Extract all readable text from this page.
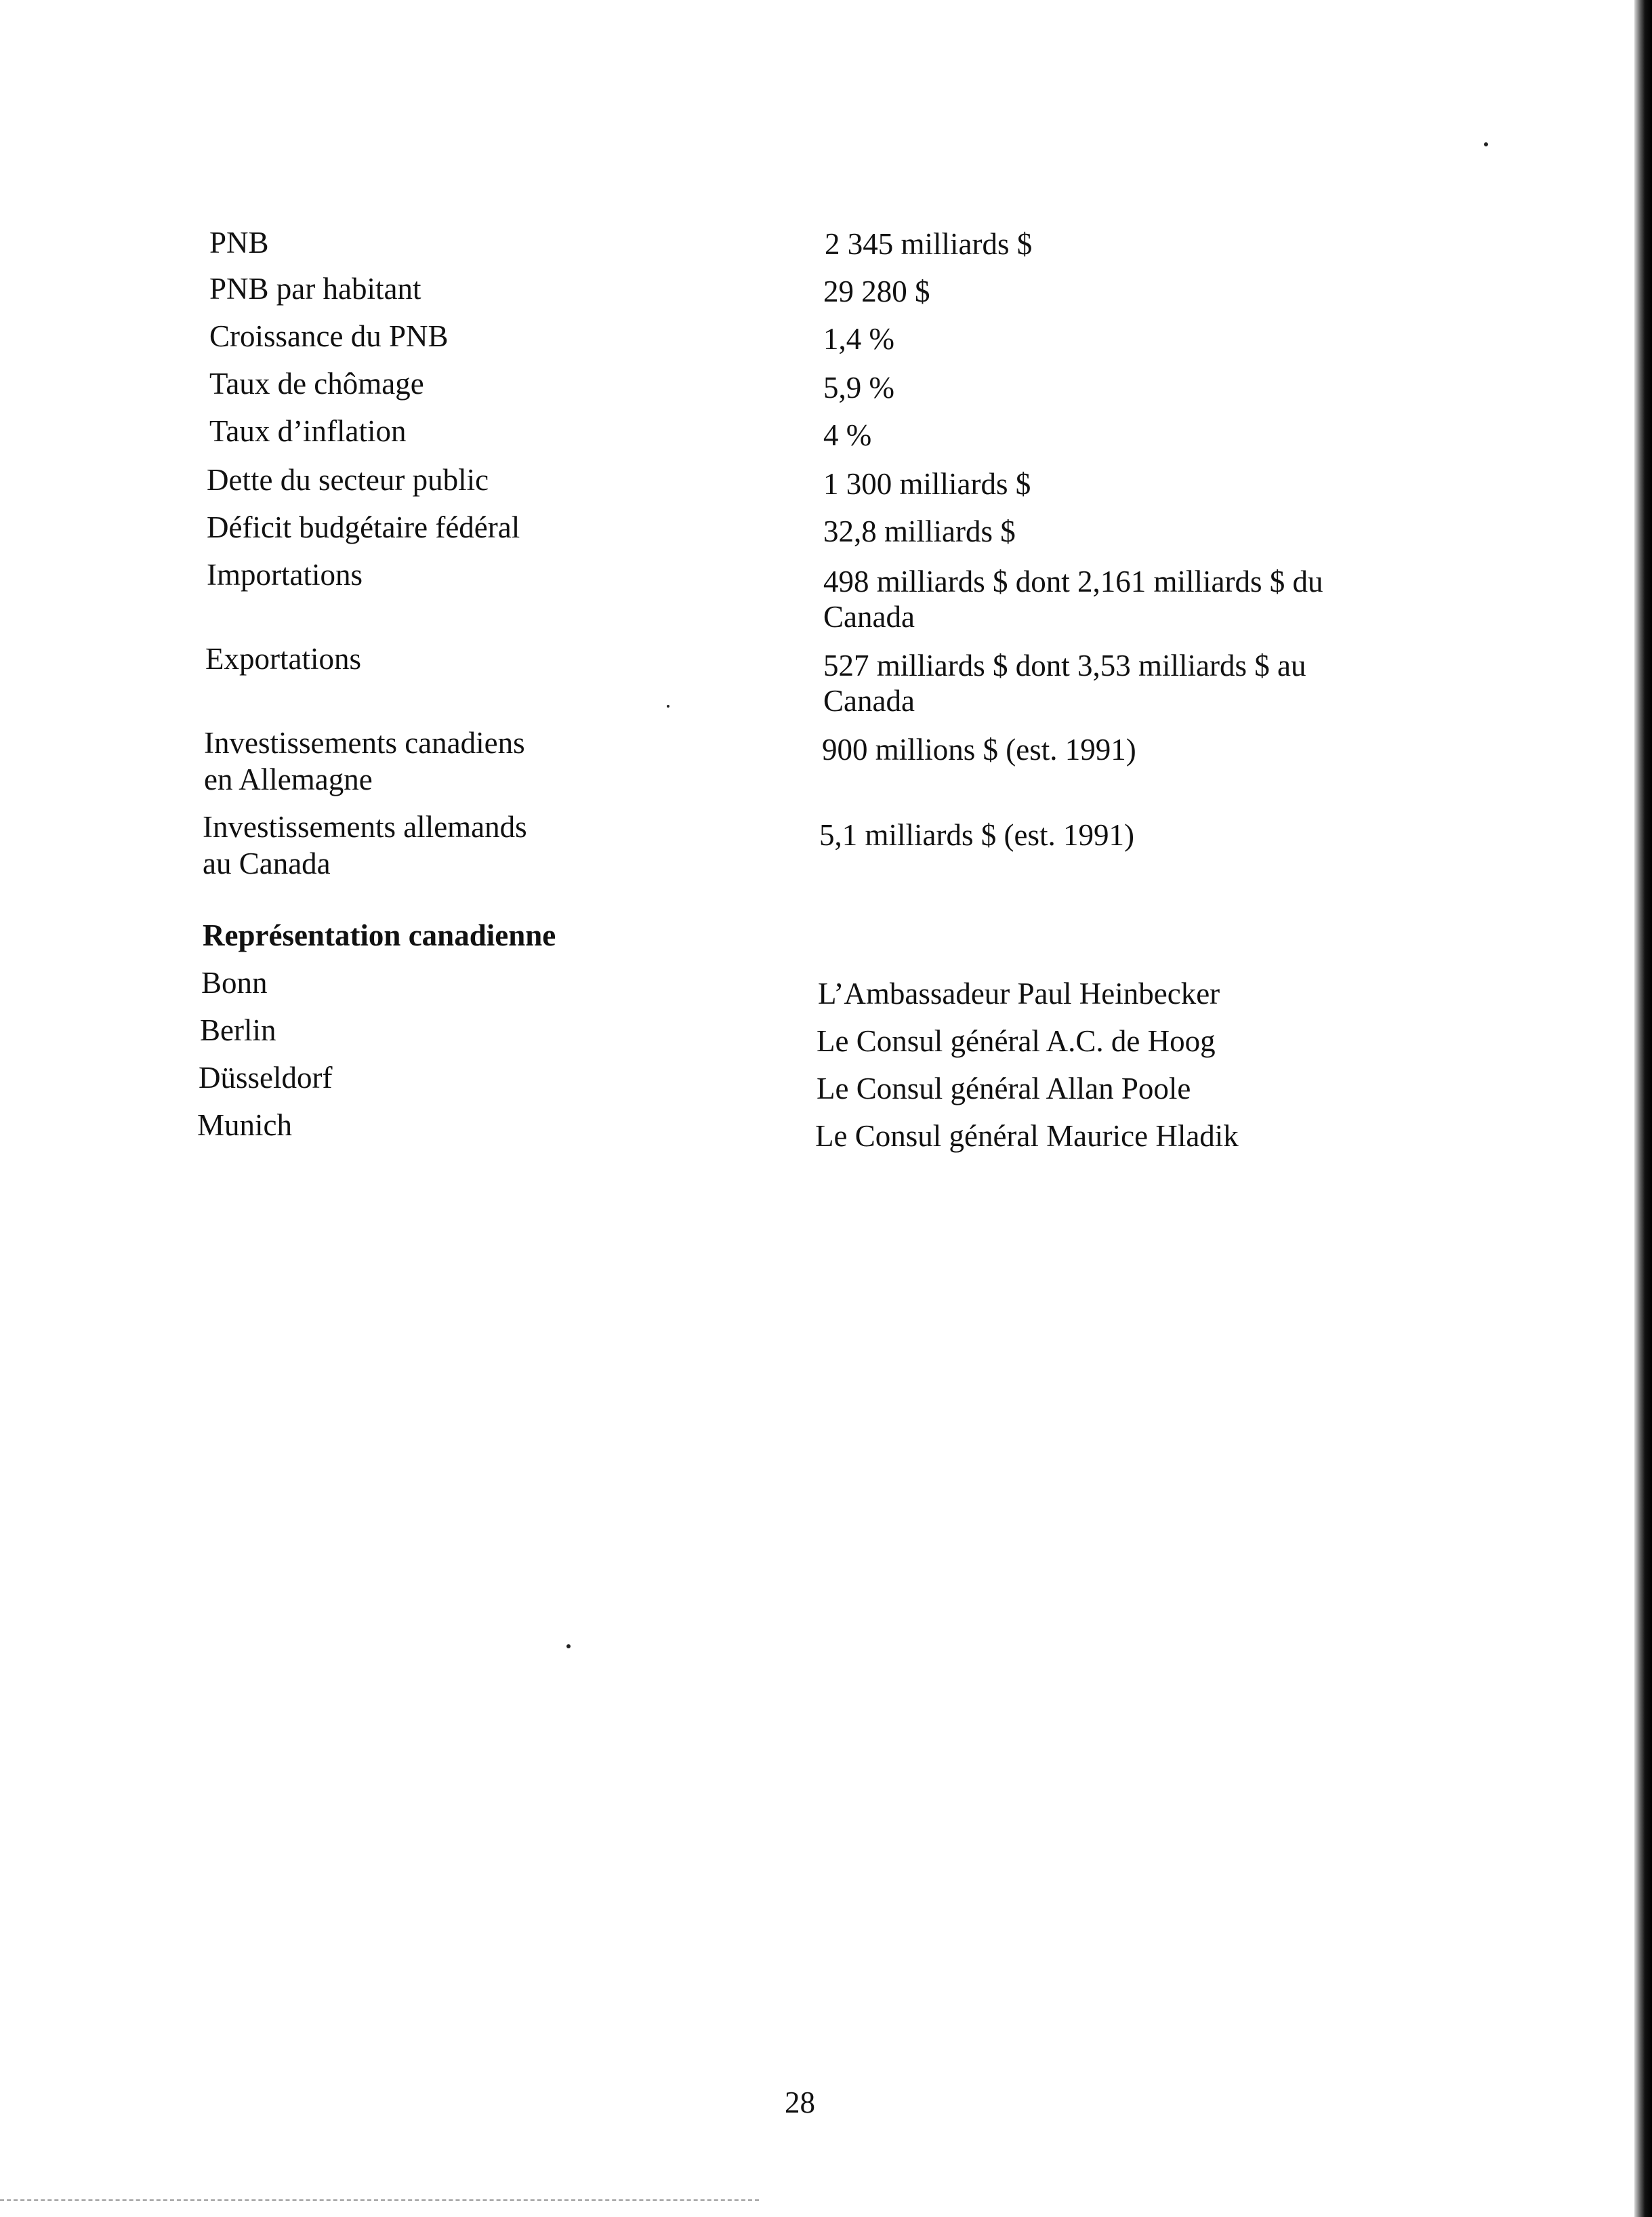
PNB
PNB par habitant
Croissance du PNB
Taux de chômage
Taux d’inflation
Dette du secteur public
Déficit budgétaire fédéral
Importations
Exportations
Investissements canadiens
en Allemagne
Investissements allemands
au Canada
2 345 milliards $
29 280 $
1,4 %
5,9 %
4 %
1 300 milliards $
32,8 milliards $
498 milliards $ dont 2,161 milliards $ du
Canada
527 milliards $ dont 3,53 milliards $ au
Canada
900 millions $ (est. 1991)
5,1 milliards $ (est. 1991)
Représentation canadienne
Bonn
Berlin
Düsseldorf
Munich
L’Ambassadeur Paul Heinbecker
Le Consul général A.C. de Hoog
Le Consul général Allan Poole
Le Consul général Maurice Hladik
28
